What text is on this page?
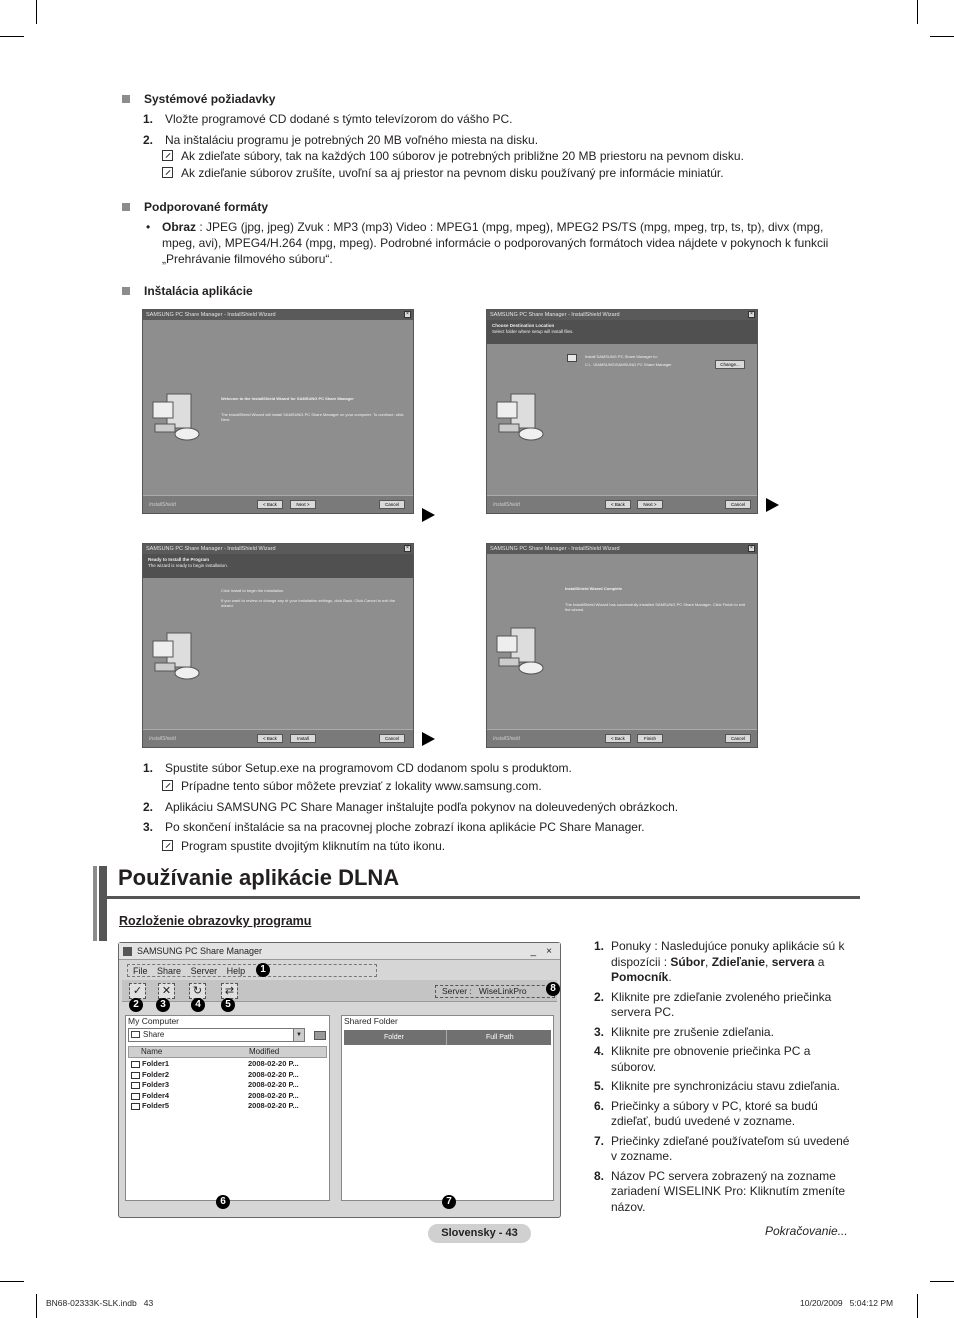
Systémové požiadavky
1. Vložte programové CD dodané s týmto televízorom do vášho PC.
2. Na inštaláciu programu je potrebných 20 MB voľného miesta na disku.
Ak zdieľate súbory, tak na každých 100 súborov je potrebných približne 20 MB priestoru na pevnom disku.
Ak zdieľanie súborov zrušíte, uvoľní sa aj priestor na pevnom disku používaný pre informácie miniatúr.
Podporované formáty
• Obraz : JPEG (jpg, jpeg) Zvuk : MP3 (mp3) Video : MPEG1 (mpg, mpeg), MPEG2 PS/TS (mpg, mpeg, trp, ts, tp), divx (mpg,
mpeg, avi), MPEG4/H.264 (mpg, mpeg). Podrobné informácie o podporovaných formátoch videa nájdete v pokynoch k funkcii
„Prehrávanie filmového súboru“.
Inštalácia aplikácie
SAMSUNG PC Share Manager - InstallShield Wizard	×
Welcome to the InstallShield Wizard for SAMSUNG PC Share Manager
The InstallShield Wizard will install SAMSUNG PC Share Manager on your computer. To continue, click Next.
InstallShield	< Back	Next >	Cancel
SAMSUNG PC Share Manager - InstallShield Wizard	×
Choose Destination Location
Select folder where setup will install files.
Install SAMSUNG PC Share Manager to:
C:\...\SAMSUNG\SAMSUNG PC Share Manager	Change...
InstallShield	< Back	Next >	Cancel
SAMSUNG PC Share Manager - InstallShield Wizard	×
Ready to Install the Program
The wizard is ready to begin installation.
Click Install to begin the installation.
If you want to review or change any of your installation settings, click Back. Click Cancel to exit the wizard.
InstallShield	< Back	Install	Cancel
SAMSUNG PC Share Manager - InstallShield Wizard	×
InstallShield Wizard Complete
The InstallShield Wizard has successfully installed SAMSUNG PC Share Manager. Click Finish to exit the wizard.
InstallShield	< Back	Finish	Cancel
1. Spustite súbor Setup.exe na programovom CD dodanom spolu s produktom.
Prípadne tento súbor môžete prevziať z lokality www.samsung.com.
2. Aplikáciu SAMSUNG PC Share Manager inštalujte podľa pokynov na doleuvedených obrázkoch.
3. Po skončení inštalácie sa na pracovnej ploche zobrazí ikona aplikácie PC Share Manager.
Program spustite dvojitým kliknutím na túto ikonu.
Používanie aplikácie DLNA
Rozloženie obrazovky programu
SAMSUNG PC Share Manager	_ ×
File Share Server Help	1
✓	✕	↻	⇄	Server : WiseLinkPro
2	3	4	5
8
My Computer
Share	▼
Name	Modified
Folder1	2008-02-20 P...
Folder2	2008-02-20 P...
Folder3	2008-02-20 P...
Folder4	2008-02-20 P...
Folder5	2008-02-20 P...
Shared Folder
Folder	Full Path
6	7
1. Ponuky : Nasledujúce ponuky aplikácie sú k dispozícii : Súbor, Zdieľanie, servera a Pomocník.
2. Kliknite pre zdieľanie zvoleného priečinka servera PC.
3. Kliknite pre zrušenie zdieľania.
4. Kliknite pre obnovenie priečinka PC a súborov.
5. Kliknite pre synchronizáciu stavu zdieľania.
6. Priečinky a súbory v PC, ktoré sa budú zdieľať, budú uvedené v zozname.
7. Priečinky zdieľané používateľom sú uvedené v zozname.
8. Názov PC servera zobrazený na zozname zariadení WISELINK Pro: Kliknutím zmeníte názov.
Pokračovanie...
Slovensky - 43
BN68-02333K-SLK.indb   43	10/20/2009   5:04:12 PM
